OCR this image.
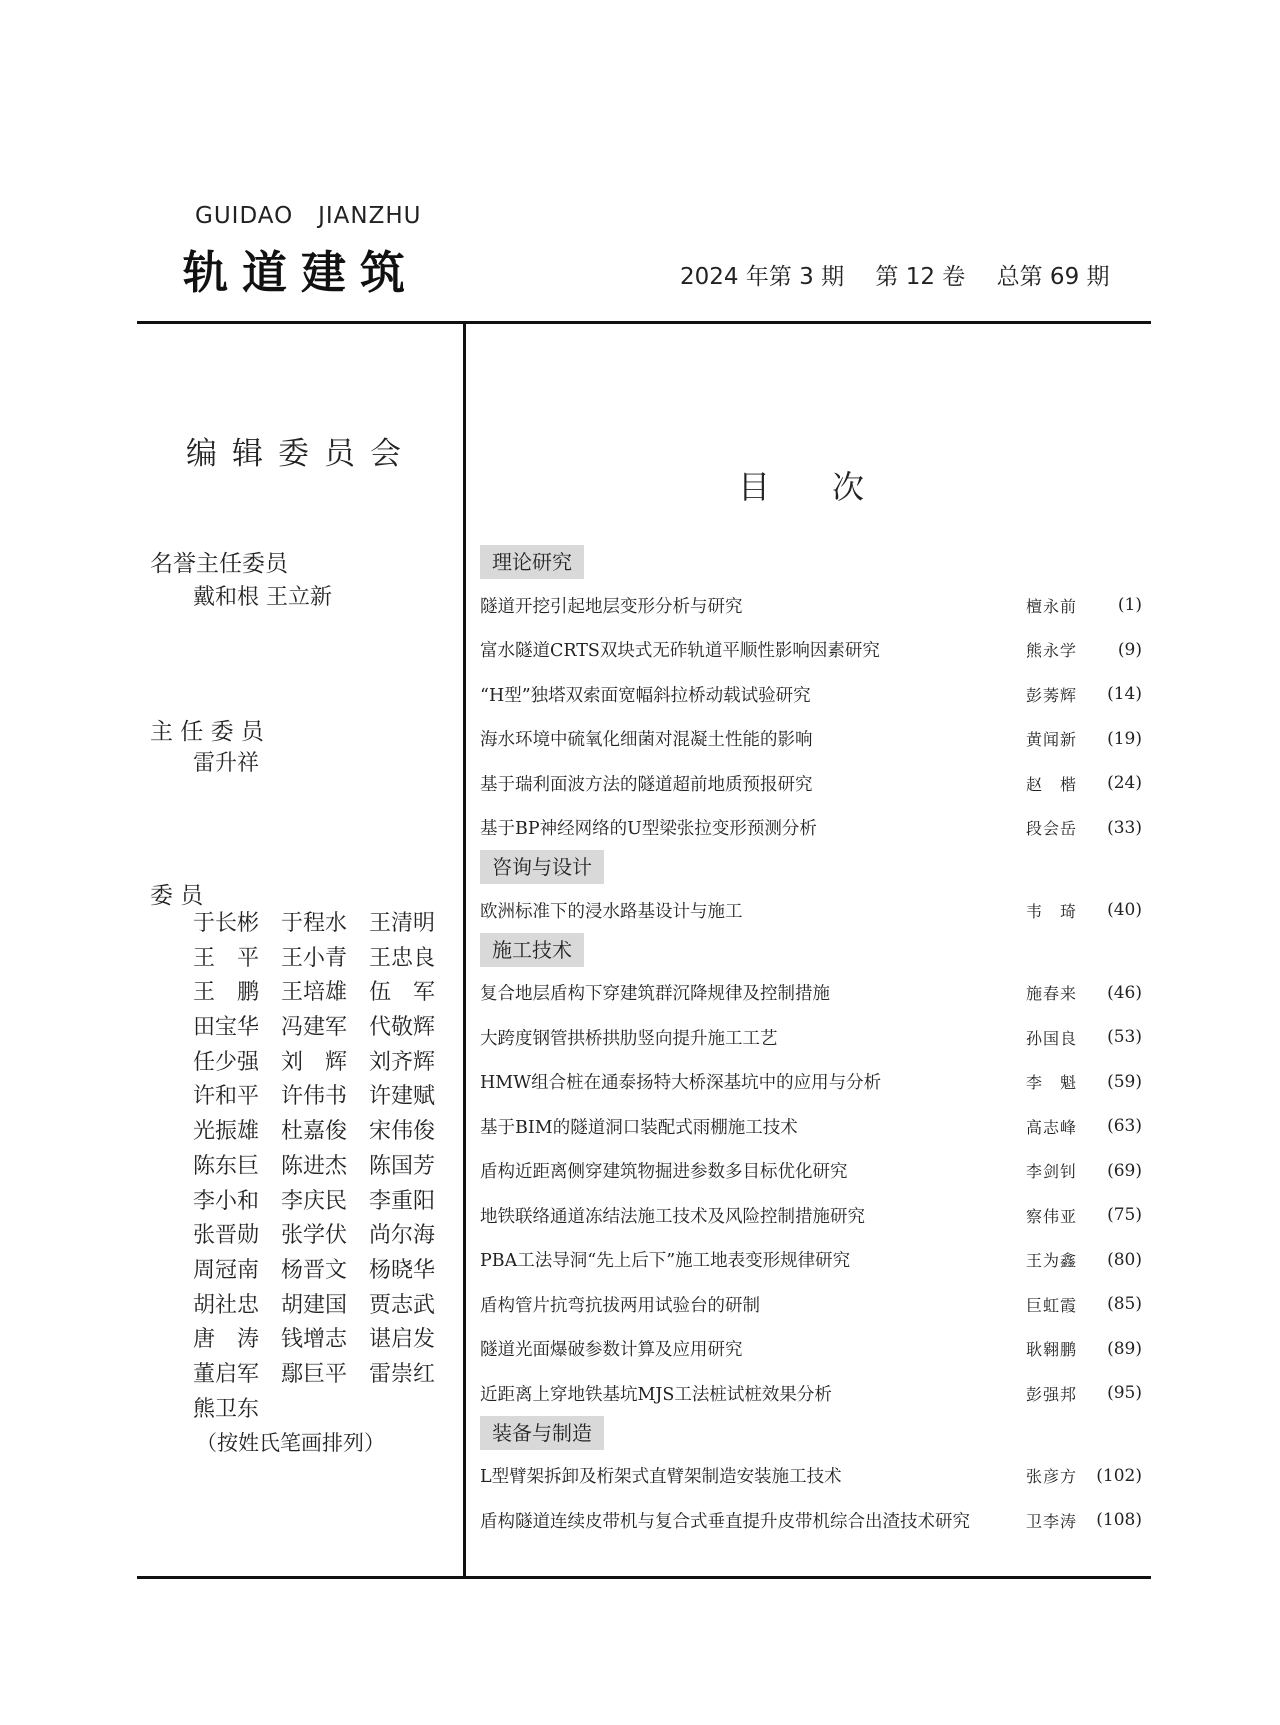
GUIDAO   JIANZHU
轨道建筑	2024 年第 3 期 第 12 卷 总第 69 期
编辑委员会
名誉主任委员
戴和根 王立新
主 任 委 员
雷升祥
委 员
于长彬 于程水 王清明
王　平 王小青 王忠良
王　鹏 王培雄 伍　军
田宝华 冯建军 代敬辉
任少强 刘　辉 刘齐辉
许和平 许伟书 许建赋
光振雄 杜嘉俊 宋伟俊
陈东巨 陈进杰 陈国芳
李小和 李庆民 李重阳
张晋勋 张学伏 尚尔海
周冠南 杨晋文 杨晓华
胡社忠 胡建国 贾志武
唐　涛 钱增志 谌启发
董启军 鄢巨平 雷崇红
熊卫东
（按姓氏笔画排列）
目次
理论研究
隧道开挖引起地层变形分析与研究	檀永前	(1)
富水隧道CRTS双块式无砟轨道平顺性影响因素研究	熊永学	(9)
“H型”独塔双索面宽幅斜拉桥动载试验研究	彭莠辉	(14)
海水环境中硫氧化细菌对混凝土性能的影响	黄闻新	(19)
基于瑞利面波方法的隧道超前地质预报研究	赵　楷	(24)
基于BP神经网络的U型梁张拉变形预测分析	段会岳	(33)
咨询与设计
欧洲标准下的浸水路基设计与施工	韦　琦	(40)
施工技术
复合地层盾构下穿建筑群沉降规律及控制措施	施春来	(46)
大跨度钢管拱桥拱肋竖向提升施工工艺	孙国良	(53)
HMW组合桩在通泰扬特大桥深基坑中的应用与分析	李　魁	(59)
基于BIM的隧道洞口装配式雨棚施工技术	高志峰	(63)
盾构近距离侧穿建筑物掘进参数多目标优化研究	李剑钊	(69)
地铁联络通道冻结法施工技术及风险控制措施研究	察伟亚	(75)
PBA工法导洞“先上后下”施工地表变形规律研究	王为鑫	(80)
盾构管片抗弯抗拔两用试验台的研制	巨虹霞	(85)
隧道光面爆破参数计算及应用研究	耿翱鹏	(89)
近距离上穿地铁基坑MJS工法桩试桩效果分析	彭强邦	(95)
装备与制造
L型臂架拆卸及桁架式直臂架制造安装施工技术	张彦方	(102)
盾构隧道连续皮带机与复合式垂直提升皮带机综合出渣技术研究	卫李涛	(108)
